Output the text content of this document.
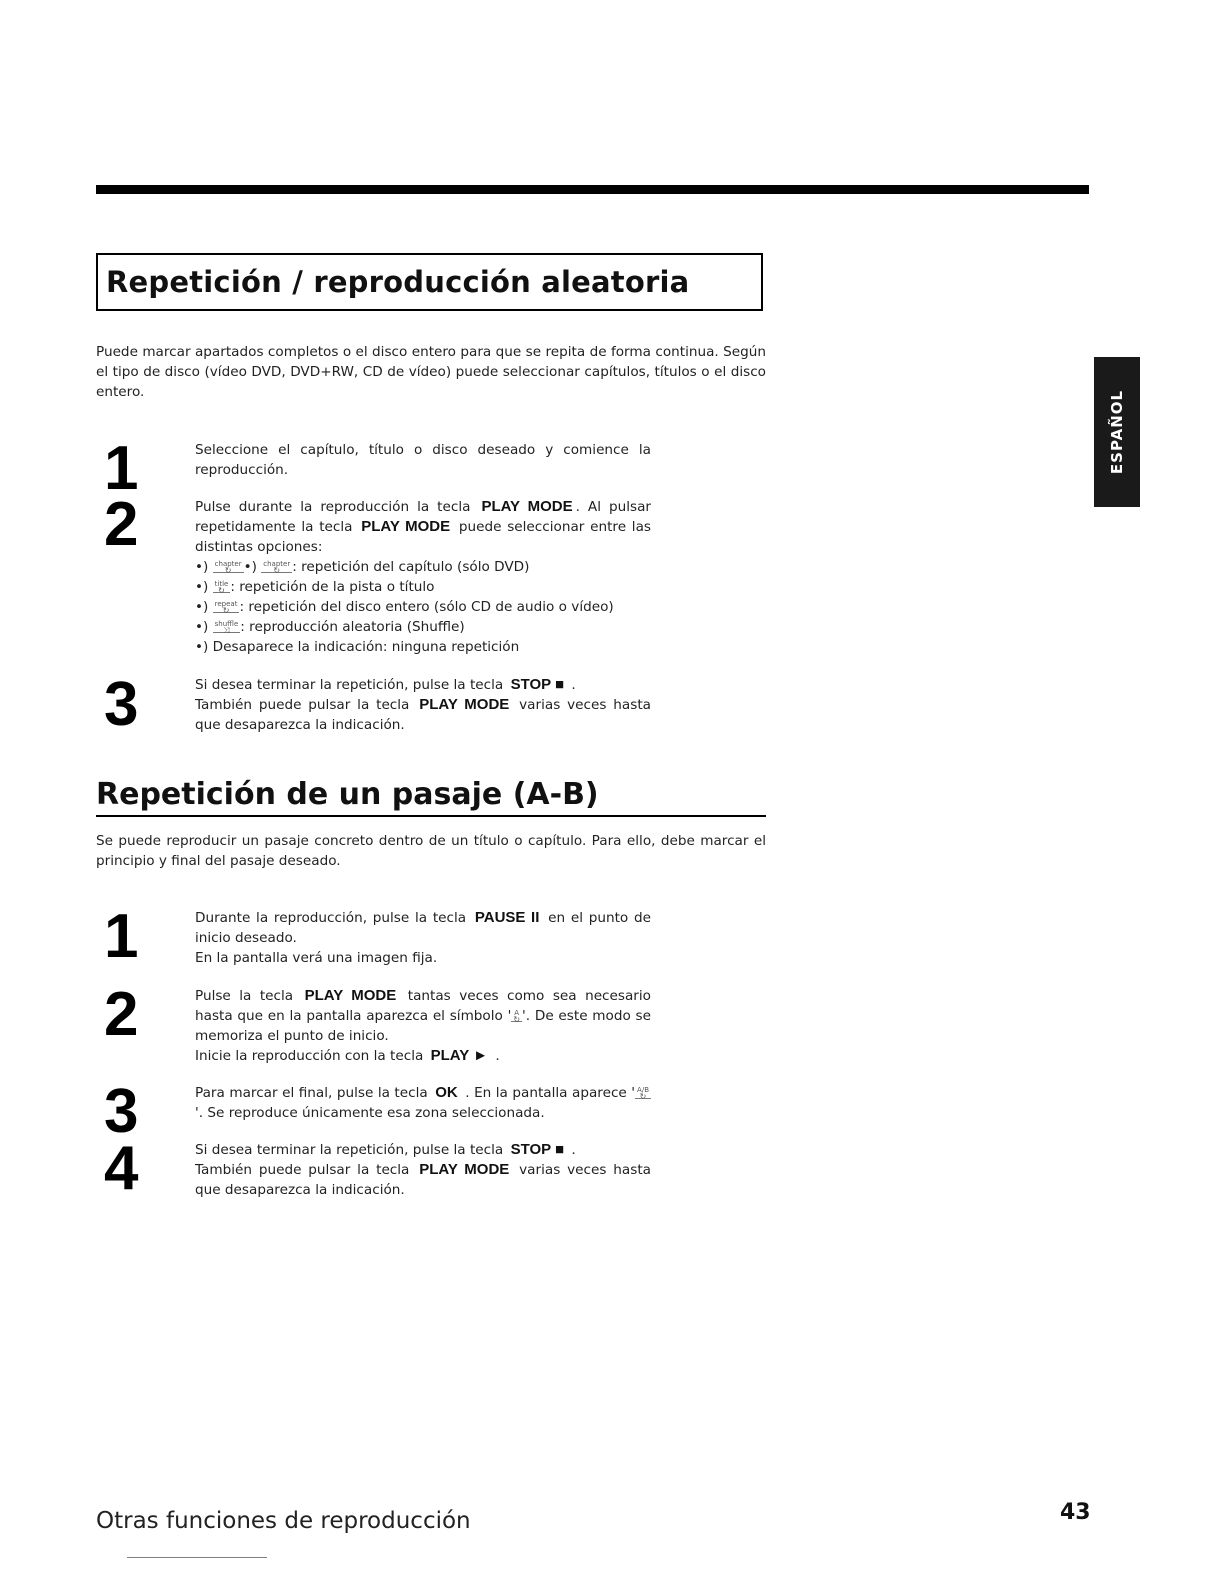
Repetición / reproducción aleatoria
Puede marcar apartados completos o el disco entero para que se repita de forma continua. Según el tipo de disco (vídeo DVD, DVD+RW, CD de vídeo) puede seleccionar capítulos, títulos o el disco entero.
1	Seleccione el capítulo, título o disco deseado y comience la reproducción.

2	Pulse durante la reproducción la tecla PLAY MODE . Al pulsar repetidamente la tecla PLAY MODE puede seleccionar entre las distintas opciones:

•) chapter
↻ •) chapter
↻ : repetición del capítulo (sólo DVD)

•) title
↻ : repetición de la pista o título

•) repeat
↻ : repetición del disco entero (sólo CD de audio o vídeo)

•) shuffle
⤨ : reproducción aleatoria (Shuffle)

•) Desaparece la indicación: ninguna repetición

3	Si desea terminar la repetición, pulse la tecla STOP ■ .

También puede pulsar la tecla PLAY MODE varias veces hasta que desaparezca la indicación.

Repetición de un pasaje (A-B)
Se puede reproducir un pasaje concreto dentro de un título o capítulo. Para ello, debe marcar el principio y final del pasaje deseado.
1	Durante la reproducción, pulse la tecla PAUSE II en el punto de inicio deseado.

En la pantalla verá una imagen fija.

2	Pulse la tecla PLAY MODE tantas veces como sea necesario hasta que en la pantalla aparezca el símbolo ' A
↻ '. De este modo se memoriza el punto de inicio.

Inicie la reproducción con la tecla PLAY ► .

3	Para marcar el final, pulse la tecla OK . En la pantalla aparece ' A/B
↻
'. Se reproduce únicamente esa zona seleccionada.

4	Si desea terminar la repetición, pulse la tecla STOP ■ .

También puede pulsar la tecla PLAY MODE varias veces hasta que desaparezca la indicación.

ESPAÑOL
Otras funciones de reproducción	43
